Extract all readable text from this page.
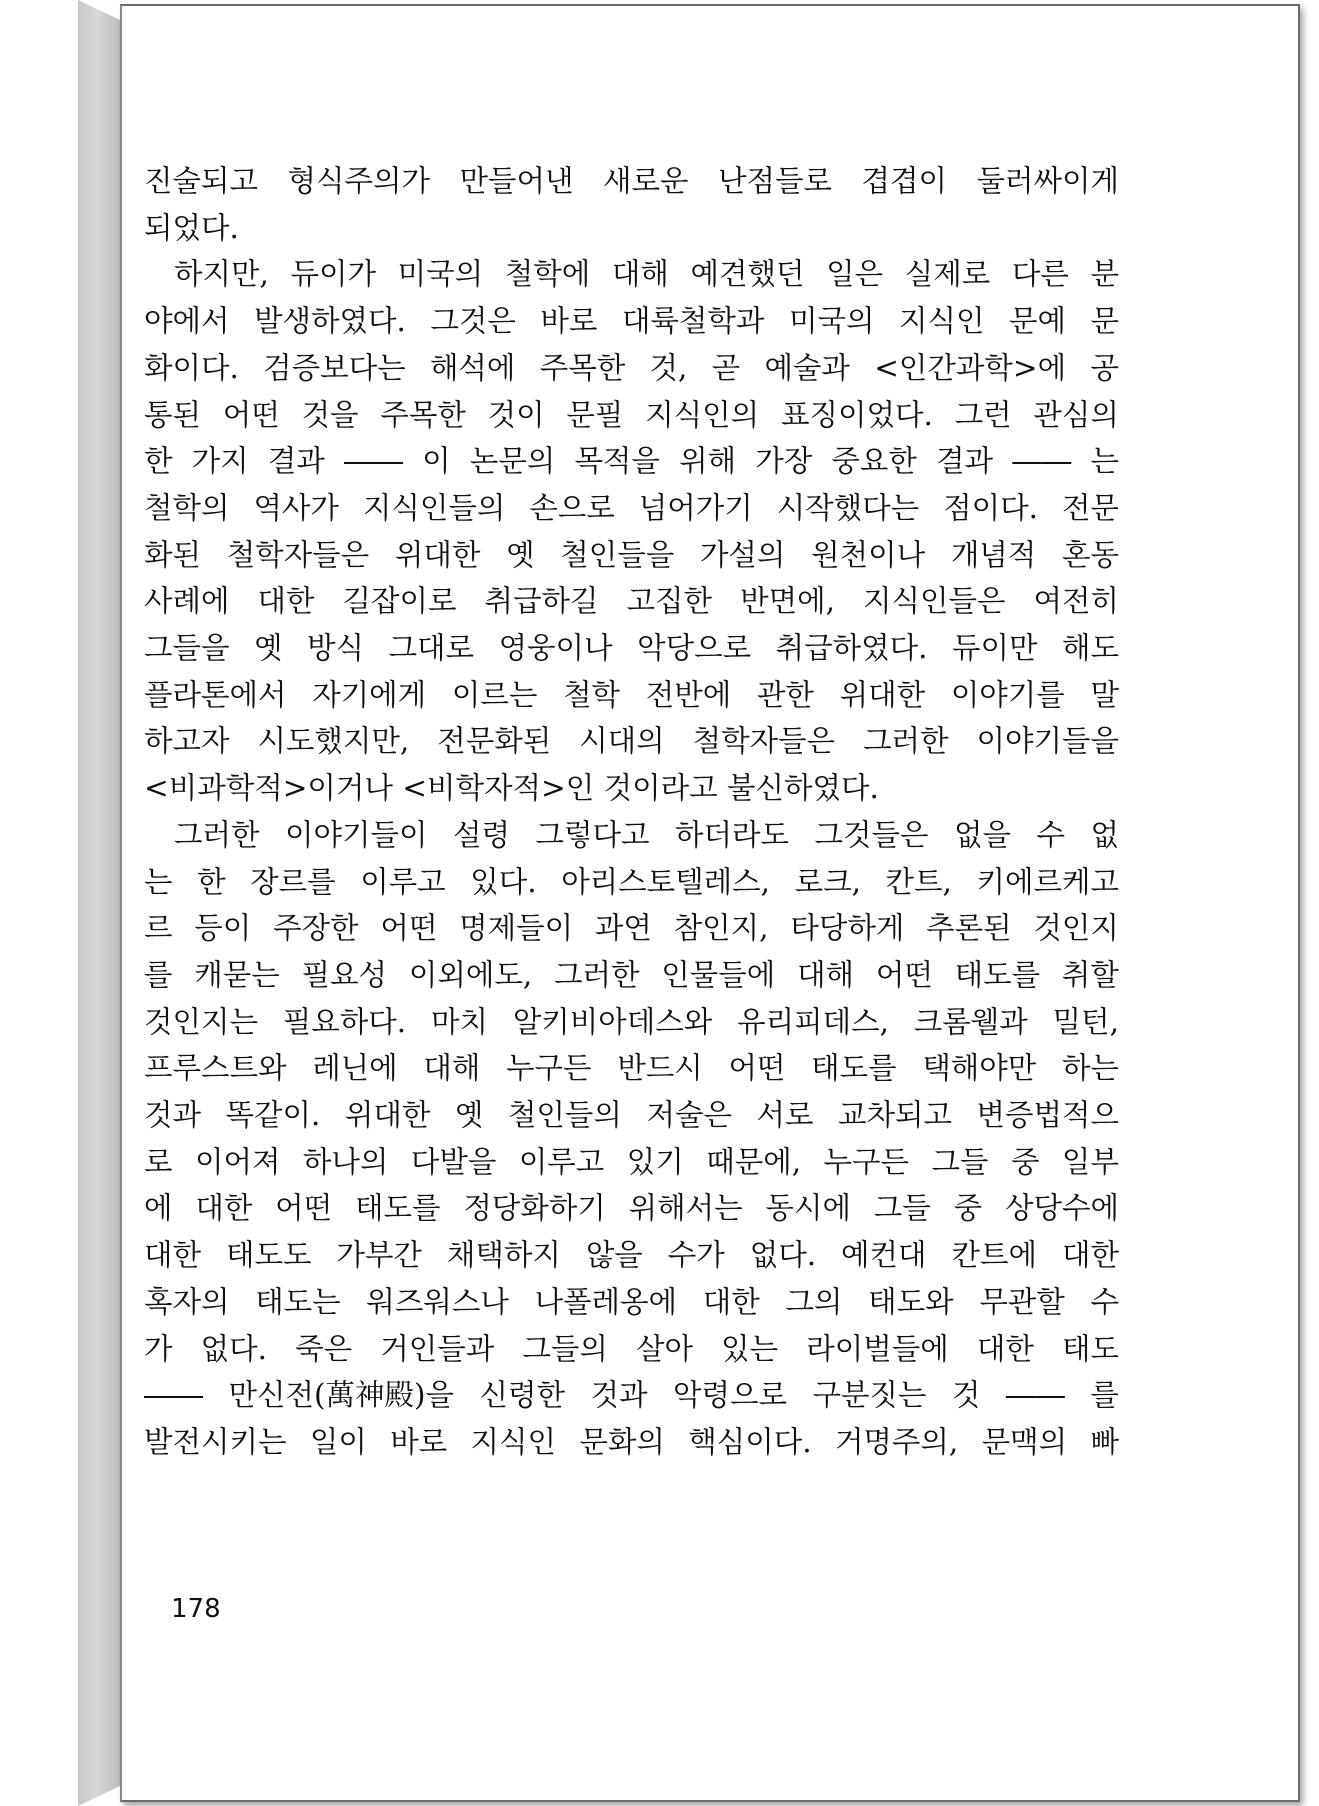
진술되고 형식주의가 만들어낸 새로운 난점들로 겹겹이 둘러싸이게
되었다.
하지만, 듀이가 미국의 철학에 대해 예견했던 일은 실제로 다른 분
야에서 발생하였다. 그것은 바로 대륙철학과 미국의 지식인 문예 문
화이다. 검증보다는 해석에 주목한 것, 곧 예술과 <인간과학>에 공
통된 어떤 것을 주목한 것이 문필 지식인의 표징이었다. 그런 관심의
한 가지 결과 ―― 이 논문의 목적을 위해 가장 중요한 결과 ―― 는
철학의 역사가 지식인들의 손으로 넘어가기 시작했다는 점이다. 전문
화된 철학자들은 위대한 옛 철인들을 가설의 원천이나 개념적 혼동
사례에 대한 길잡이로 취급하길 고집한 반면에, 지식인들은 여전히
그들을 옛 방식 그대로 영웅이나 악당으로 취급하였다. 듀이만 해도
플라톤에서 자기에게 이르는 철학 전반에 관한 위대한 이야기를 말
하고자 시도했지만, 전문화된 시대의 철학자들은 그러한 이야기들을
<비과학적>이거나 <비학자적>인 것이라고 불신하였다.
그러한 이야기들이 설령 그렇다고 하더라도 그것들은 없을 수 없
는 한 장르를 이루고 있다. 아리스토텔레스, 로크, 칸트, 키에르케고
르 등이 주장한 어떤 명제들이 과연 참인지, 타당하게 추론된 것인지
를 캐묻는 필요성 이외에도, 그러한 인물들에 대해 어떤 태도를 취할
것인지는 필요하다. 마치 알키비아데스와 유리피데스, 크롬웰과 밀턴,
프루스트와 레닌에 대해 누구든 반드시 어떤 태도를 택해야만 하는
것과 똑같이. 위대한 옛 철인들의 저술은 서로 교차되고 변증법적으
로 이어져 하나의 다발을 이루고 있기 때문에, 누구든 그들 중 일부
에 대한 어떤 태도를 정당화하기 위해서는 동시에 그들 중 상당수에
대한 태도도 가부간 채택하지 않을 수가 없다. 예컨대 칸트에 대한
혹자의 태도는 워즈워스나 나폴레옹에 대한 그의 태도와 무관할 수
가 없다. 죽은 거인들과 그들의 살아 있는 라이벌들에 대한 태도
―― 만신전(萬神殿)을 신령한 것과 악령으로 구분짓는 것 ―― 를
발전시키는 일이 바로 지식인 문화의 핵심이다. 거명주의, 문맥의 빠
178
